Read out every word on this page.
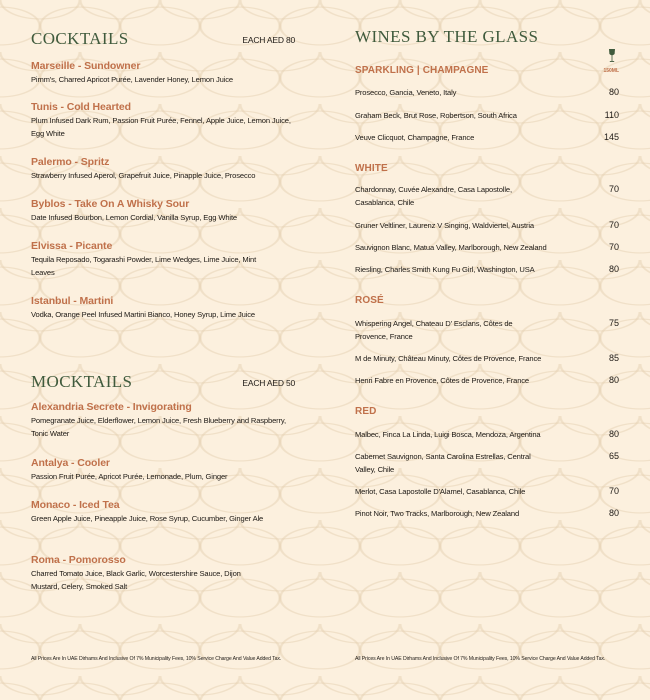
COCKTAILS	EACH AED 80
Marseille - Sundowner
Pimm's, Charred Apricot Purée, Lavender Honey, Lemon Juice
Tunis - Cold Hearted
Plum Infused Dark Rum, Passion Fruit Purée, Fennel, Apple Juice, Lemon Juice, Egg White
Palermo - Spritz
Strawberry Infused Aperol, Grapefruit Juice, Pinapple Juice, Prosecco
Byblos - Take On A Whisky Sour
Date Infused Bourbon, Lemon Cordial, Vanilla Syrup, Egg White
Elvissa - Picante
Tequila Reposado, Togarashi Powder, Lime Wedges, Lime Juice, Mint Leaves
Istanbul - Martini
Vodka, Orange Peel Infused Martini Bianco, Honey Syrup, Lime Juice
MOCKTAILS	EACH AED 50
Alexandria Secrete - Invigorating
Pomegranate Juice, Elderflower, Lemon Juice, Fresh Blueberry and Raspberry, Tonic Water
Antalya - Cooler
Passion Fruit Purée, Apricot Purée, Lemonade, Plum, Ginger
Monaco - Iced Tea
Green Apple Juice, Pineapple Juice, Rose Syrup, Cucumber, Ginger Ale
Roma - Pomorosso
Charred Tomato Juice, Black Garlic, Worcestershire Sauce, Dijon Mustard, Celery, Smoked Salt
All Prices Are In UAE Dirhams And Inclusive Of 7% Municipality Fees, 10% Service Charge And Value Added Tax.
WINES BY THE GLASS
150ML
SPARKLING | CHAMPAGNE
Prosecco, Gancia, Veneto, Italy	80
Graham Beck, Brut Rose, Robertson, South Africa	110
Veuve Clicquot, Champagne, France	145
WHITE
Chardonnay, Cuvée Alexandre, Casa Lapostolle, Casablanca, Chile
70
Gruner Veltliner, Laurenz V Singing, Waldviertel, Austria	70
Sauvignon Blanc, Matua Valley, Marlborough, New Zealand	70
Riesling, Charles Smith Kung Fu Girl, Washington, USA	80
ROSÉ
Whispering Angel, Chateau D' Esclans, Côtes de Provence, France
75
M de Minuty, Château Minuty, Côtes de Provence, France	85
Henri Fabre en Provence, Côtes de Provence, France	80
RED
Malbec, Finca La Linda, Luigi Bosca, Mendoza, Argentina	80
Cabernet Sauvignon, Santa Carolina Estrellas, Central Valley, Chile
65
Merlot, Casa Lapostolle D'Alamel, Casablanca, Chile	70
Pinot Noir, Two Tracks, Marlborough, New Zealand	80
All Prices Are In UAE Dirhams And Inclusive Of 7% Municipality Fees, 10% Service Charge And Value Added Tax.
